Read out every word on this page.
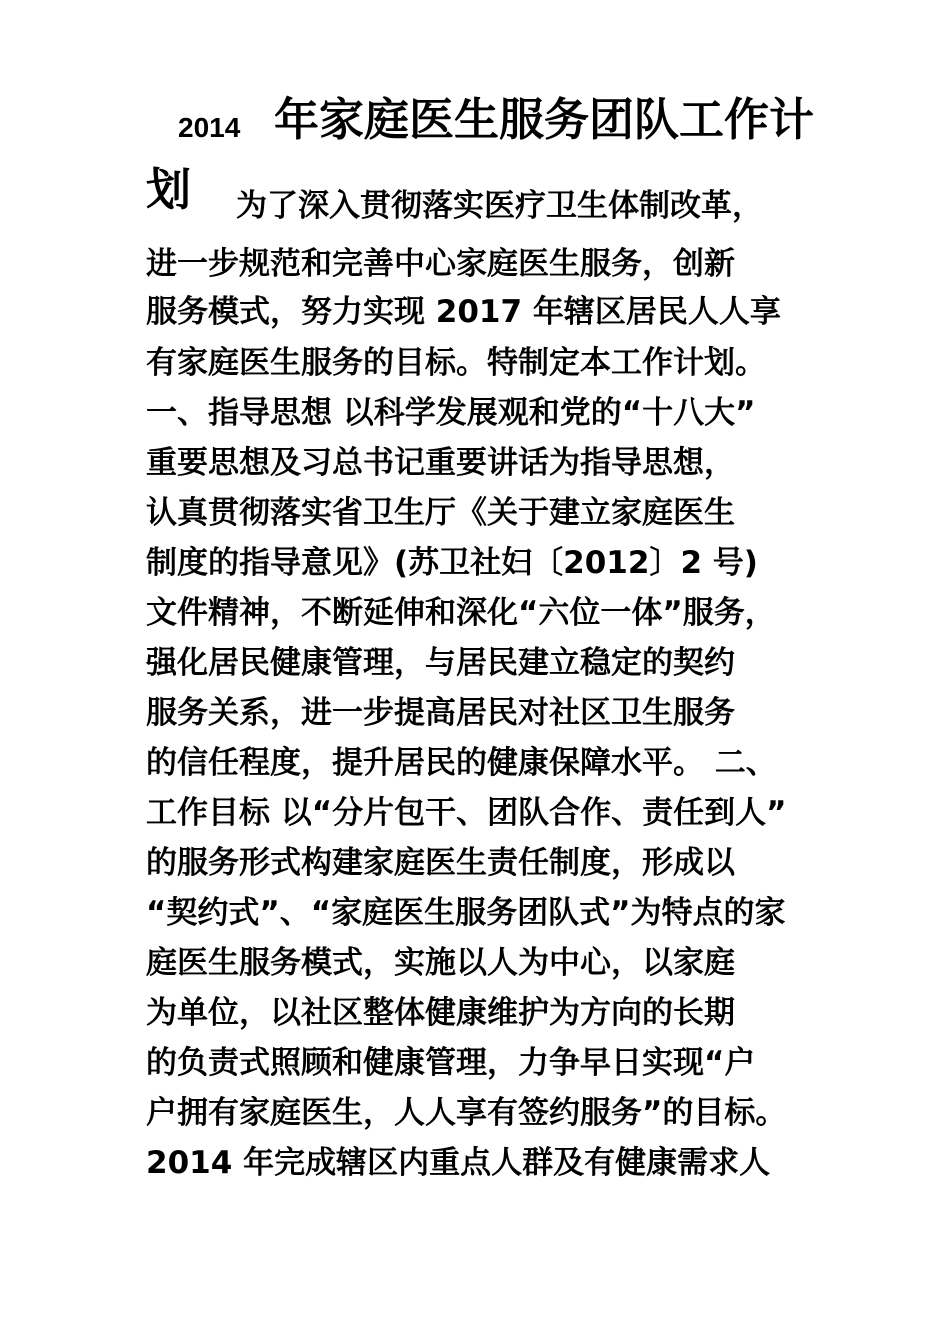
2014 年家庭医生服务团队工作计
划 为了深入贯彻落实医疗卫生体制改革，
进一步规范和完善中心家庭医生服务，创新
服务模式，努力实现 2017 年辖区居民人人享
有家庭医生服务的目标。特制定本工作计划。
一、指导思想 以科学发展观和党的“十八大”
重要思想及习总书记重要讲话为指导思想，
认真贯彻落实省卫生厅《关于建立家庭医生
制度的指导意见》(苏卫社妇〔2012〕2 号)
文件精神，不断延伸和深化“六位一体”服务，
强化居民健康管理，与居民建立稳定的契约
服务关系，进一步提高居民对社区卫生服务
的信任程度，提升居民的健康保障水平。 二、
工作目标 以“分片包干、团队合作、责任到人”
的服务形式构建家庭医生责任制度，形成以
“契约式”、“家庭医生服务团队式”为特点的家
庭医生服务模式，实施以人为中心，以家庭
为单位，以社区整体健康维护为方向的长期
的负责式照顾和健康管理，力争早日实现“户
户拥有家庭医生，人人享有签约服务”的目标。
2014 年完成辖区内重点人群及有健康需求人
